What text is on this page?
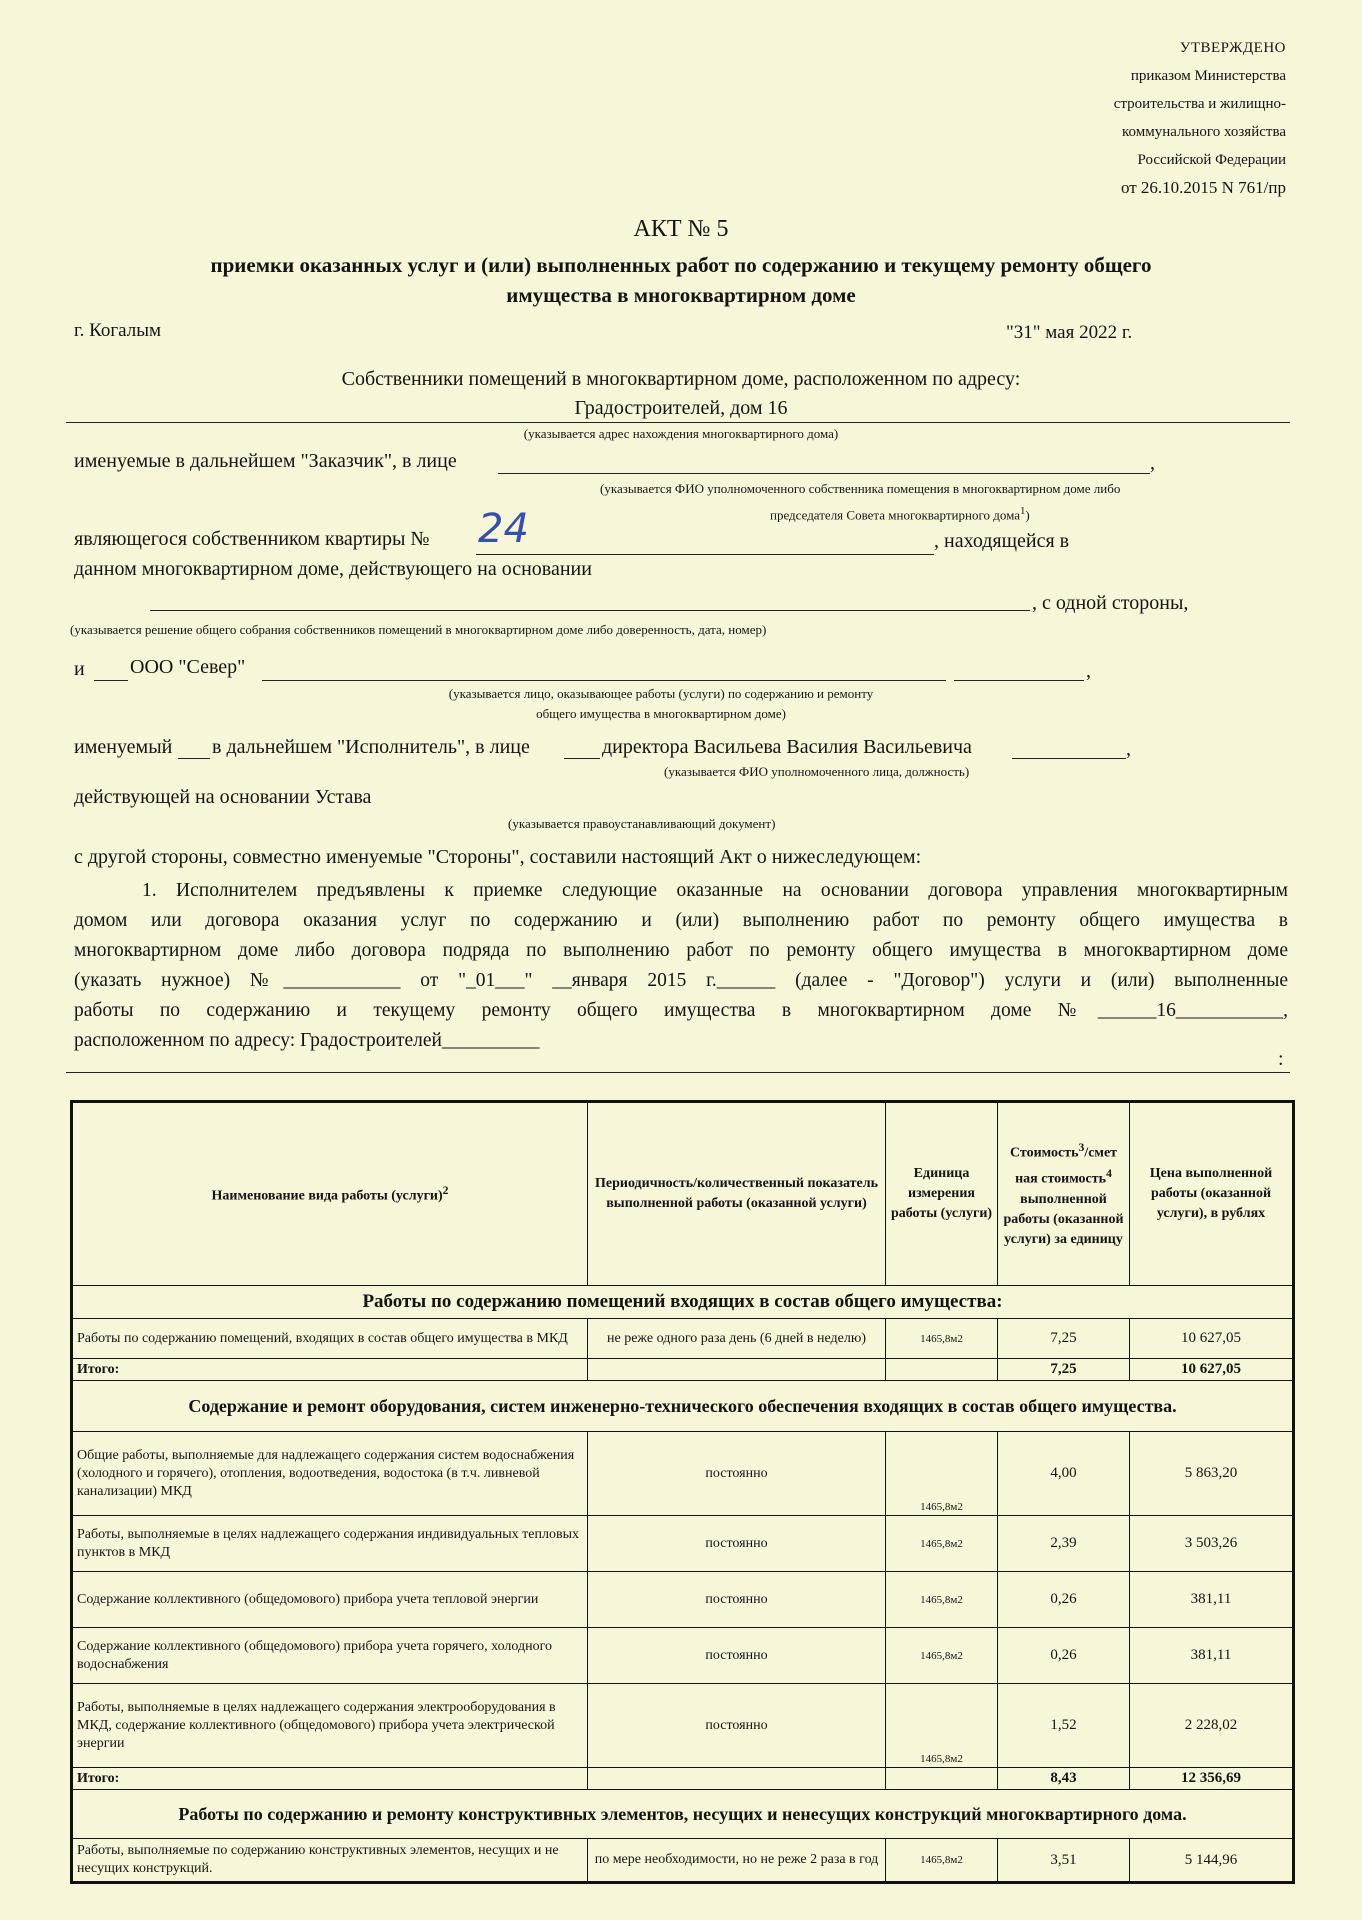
УТВЕРЖДЕНО
приказом Министерства
строительства и жилищно-
коммунального хозяйства
Российской Федерации
от 26.10.2015 N 761/пр
АКТ № 5
приемки оказанных услуг и (или) выполненных работ по содержанию и текущему ремонту общего
имущества в многоквартирном доме
г. Когалым	"31" мая 2022 г.
Собственники помещений в многоквартирном доме, расположенном по адресу:
Градостроителей, дом 16
(указывается адрес нахождения многоквартирного дома)
именуемые в дальнейшем "Заказчик", в лице	,
(указывается ФИО уполномоченного собственника помещения в многоквартирном доме либо
председателя Совета многоквартирного дома$^1$)
являющегося собственником квартиры № 24	, находящейся в
данном многоквартирном доме, действующего на основании
, с одной стороны,
(указывается решение общего собрания собственников помещений в многоквартирном доме либо доверенность, дата, номер)
и ООО "Север"	,
(указывается лицо, оказывающее работы (услуги) по содержанию и ремонту
общего имущества в многоквартирном доме)
именуемый в дальнейшем "Исполнитель", в лице	директора Васильева Василия Васильевича	,
(указывается ФИО уполномоченного лица, должность)
действующей на основании Устава
(указывается правоустанавливающий документ)
с другой стороны, совместно именуемые "Стороны", составили настоящий Акт о нижеследующем:
1. Исполнителем предъявлены к приемке следующие оказанные на основании договора управления многоквартирным
домом или договора оказания услуг по содержанию и (или) выполнению работ по ремонту общего имущества в
многоквартирном доме либо договора подряда по выполнению работ по ремонту общего имущества в многоквартирном доме
(указать нужное) №____________ от "_01___" __января 2015 г.______ (далее - "Договор") услуги и (или) выполненные
работы по содержанию и текущему ремонту общего имущества в многоквартирном доме №______16___________,
расположенном по адресу: Градостроителей__________
:
Наименование вида работы (услуги)$^2$	Периодичность/количественный показатель выполненной работы (оказанной услуги)	Единица измерения работы (услуги)	Стоимость$^3$/смет ная стоимость$^4$ выполненной работы (оказанной услуги) за единицу	Цена выполненной работы (оказанной услуги), в рублях
Работы по содержанию помещений входящих в состав общего имущества:				
Работы по содержанию помещений, входящих в состав общего имущества в МКД	не реже одного раза день (6 дней в неделю)	1465,8м2	7,25	10 627,05
Итого:			7,25	10 627,05
Содержание и ремонт оборудования, систем инженерно-технического обеспечения входящих в состав общего имущества.				
Общие работы, выполняемые для надлежащего содержания систем водоснабжения (холодного и горячего), отопления, водоотведения, водостока (в т.ч. ливневой канализации) МКД	постоянно	1465,8м2	4,00	5 863,20
Работы, выполняемые в целях надлежащего содержания индивидуальных тепловых пунктов в МКД	постоянно	1465,8м2	2,39	3 503,26
Содержание коллективного (общедомового) прибора учета тепловой энергии	постоянно	1465,8м2	0,26	381,11
Содержание коллективного (общедомового) прибора учета горячего, холодного водоснабжения	постоянно	1465,8м2	0,26	381,11
Работы, выполняемые в целях надлежащего содержания электрооборудования в МКД, содержание коллективного (общедомового) прибора учета электрической энергии	постоянно	1465,8м2	1,52	2 228,02
Итого:			8,43	12 356,69
Работы по содержанию и ремонту конструктивных элементов, несущих и ненесущих конструкций многоквартирного дома.				
Работы, выполняемые по содержанию конструктивных элементов, несущих и не несущих конструкций.	по мере необходимости, но не реже 2 раза в год	1465,8м2	3,51	5 144,96
